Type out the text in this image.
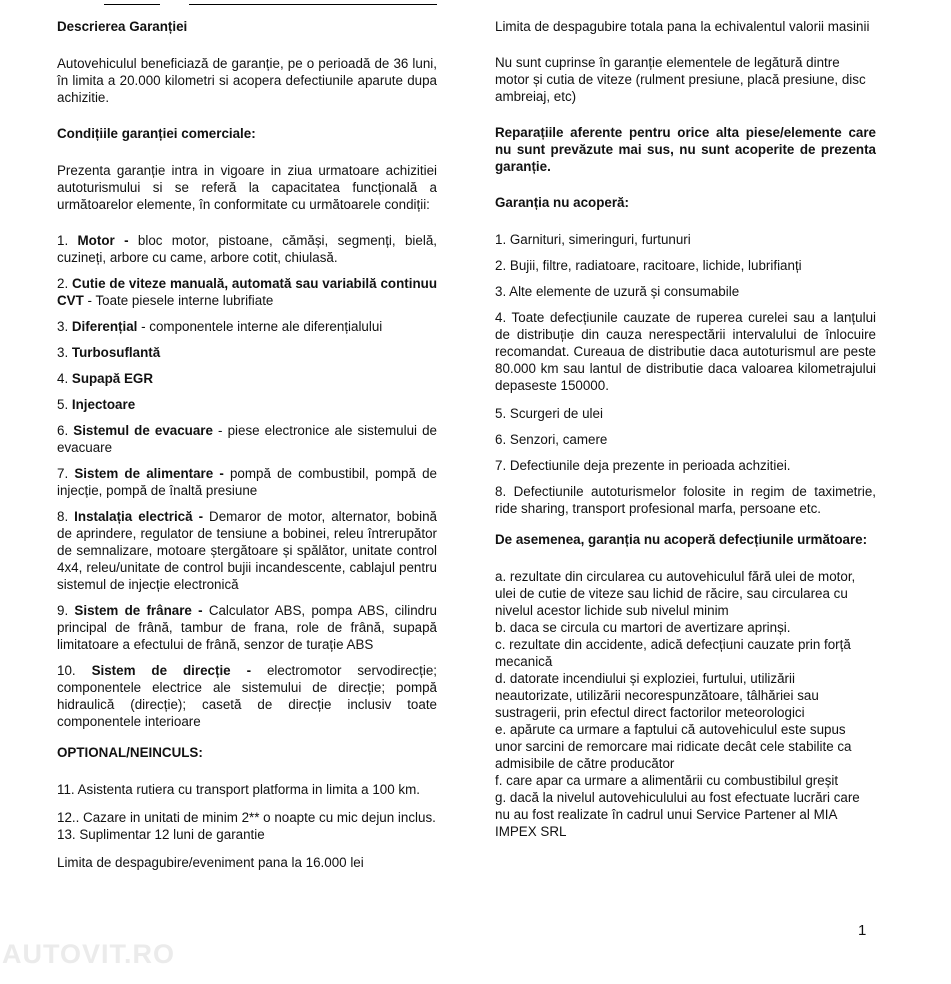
Descrierea Garanției
Autovehiculul beneficiază de garanție, pe o perioadă de 36 luni, în limita a 20.000 kilometri si acopera defectiunile aparute dupa achizitie.
Condițiile garanției comerciale:
Prezenta garanție intra in vigoare in ziua urmatoare achizitiei autoturismului si se referă la capacitatea funcțională a următoarelor elemente, în conformitate cu următoarele condiții:
1. Motor - bloc motor, pistoane, cămăși, segmenți, bielă, cuzineți, arbore cu came, arbore cotit, chiulasă.
2. Cutie de viteze manuală, automată sau variabilă continuu CVT - Toate piesele interne lubrifiate
3. Diferențial - componentele interne ale diferențialului
3. Turbosuflantă
4. Supapă EGR
5. Injectoare
6. Sistemul de evacuare - piese electronice ale sistemului de evacuare
7. Sistem de alimentare - pompă de combustibil, pompă de injecție, pompă de înaltă presiune
8. Instalația electrică - Demaror de motor, alternator, bobină de aprindere, regulator de tensiune a bobinei, releu întrerupător de semnalizare, motoare ștergătoare și spălător, unitate control 4x4, releu/unitate de control bujii incandescente, cablajul pentru sistemul de injecție electronică
9. Sistem de frânare - Calculator ABS, pompa ABS, cilindru principal de frână, tambur de frana, role de frână, supapă limitatoare a efectului de frână, senzor de turație ABS
10. Sistem de direcție - electromotor servodirecție; componentele electrice ale sistemului de direcție; pompă hidraulică (direcție); casetă de direcție inclusiv toate componentele interioare
OPTIONAL/NEINCULS:
11. Asistenta rutiera cu transport platforma in limita a 100 km.
12.. Cazare in unitati de minim 2** o noapte cu mic dejun inclus.
13. Suplimentar 12 luni de garantie
Limita de despagubire/eveniment pana la 16.000 lei
Limita de despagubire totala pana la echivalentul valorii masinii
Nu sunt cuprinse în garanție elementele de legătură dintre motor și cutia de viteze (rulment presiune, placă presiune, disc ambreiaj, etc)
Reparațiile aferente pentru orice alta piese/elemente care nu sunt prevăzute mai sus, nu sunt acoperite de prezenta garanție.
Garanția nu acoperă:
1. Garnituri, simeringuri, furtunuri
2. Bujii, filtre, radiatoare, racitoare, lichide, lubrifianți
3. Alte elemente de uzură și consumabile
4. Toate defecțiunile cauzate de ruperea curelei sau a lanțului de distribuție din cauza nerespectării intervalului de înlocuire recomandat. Cureaua de distributie daca autoturismul are peste 80.000 km sau lantul de distributie daca valoarea kilometrajului depaseste 150000.
5. Scurgeri de ulei
6. Senzori, camere
7. Defectiunile deja prezente in perioada achzitiei.
8. Defectiunile autoturismelor folosite in regim de taximetrie, ride sharing, transport profesional marfa, persoane etc.
De asemenea, garanția nu acoperă defecțiunile următoare:
a. rezultate din circularea cu autovehiculul fără ulei de motor, ulei de cutie de viteze sau lichid de răcire, sau circularea cu nivelul acestor lichide sub nivelul minim
b. daca se circula cu martori de avertizare aprinși.
c. rezultate din accidente, adică defecțiuni cauzate prin forță mecanică
d. datorate incendiului și exploziei, furtului, utilizării neautorizate, utilizării necorespunzătoare, tâlhăriei sau sustragerii, prin efectul direct factorilor meteorologici
e. apărute ca urmare a faptului că autovehiculul este supus unor sarcini de remorcare mai ridicate decât cele stabilite ca admisibile de către producător
f. care apar ca urmare a alimentării cu combustibilul greșit
g. dacă la nivelul autovehiculului au fost efectuate lucrări care nu au fost realizate în cadrul unui Service Partener al MIA IMPEX SRL
AUTOVIT.RO
1
